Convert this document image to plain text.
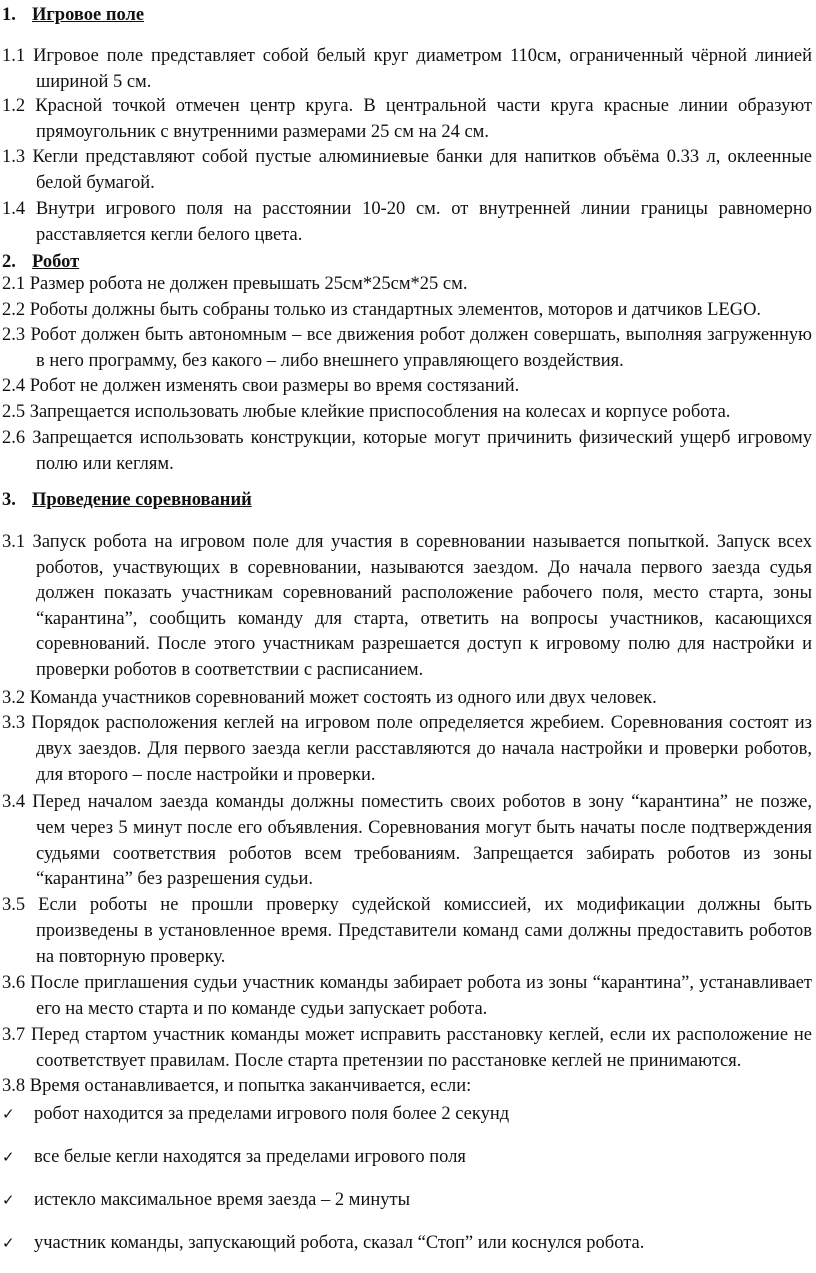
1. Игровое поле
1.1 Игровое поле представляет собой белый круг диаметром 110см, ограниченный чёрной линией шириной 5 см.
1.2 Красной точкой отмечен центр круга. В центральной части круга красные линии образуют прямоугольник с внутренними размерами 25 см на 24 см.
1.3 Кегли представляют собой пустые алюминиевые банки для напитков объёма 0.33 л, оклеенные белой бумагой.
1.4 Внутри игрового поля на расстоянии 10-20 см. от внутренней линии границы равномерно расставляется кегли белого цвета.
2. Робот
2.1 Размер робота не должен превышать 25см*25см*25 см.
2.2 Роботы должны быть собраны только из стандартных элементов, моторов и датчиков LEGO.
2.3 Робот должен быть автономным – все движения робот должен совершать, выполняя загруженную в него программу, без какого – либо внешнего управляющего воздействия.
2.4 Робот не должен изменять свои размеры во время состязаний.
2.5 Запрещается использовать любые клейкие приспособления на колесах и корпусе робота.
2.6 Запрещается использовать конструкции, которые могут причинить физический ущерб игровому полю или кеглям.
3. Проведение соревнований
3.1 Запуск робота на игровом поле для участия в соревновании называется попыткой. Запуск всех роботов, участвующих в соревновании, называются заездом. До начала первого заезда судья должен показать участникам соревнований расположение рабочего поля, место старта, зоны “карантина”, сообщить команду для старта, ответить на вопросы участников, касающихся соревнований. После этого участникам разрешается доступ к игровому полю для настройки и проверки роботов в соответствии с расписанием.
3.2 Команда участников соревнований может состоять из одного или двух человек.
3.3 Порядок расположения кеглей на игровом поле определяется жребием. Соревнования состоят из двух заездов. Для первого заезда кегли расставляются до начала настройки и проверки роботов, для второго – после настройки и проверки.
3.4 Перед началом заезда команды должны поместить своих роботов в зону “карантина” не позже, чем через 5 минут после его объявления. Соревнования могут быть начаты после подтверждения судьями соответствия роботов всем требованиям. Запрещается забирать роботов из зоны “карантина” без разрешения судьи.
3.5 Если роботы не прошли проверку судейской комиссией, их модификации должны быть произведены в установленное время. Представители команд сами должны предоставить роботов на повторную проверку.
3.6 После приглашения судьи участник команды забирает робота из зоны “карантина”, устанавливает его на место старта и по команде судьи запускает робота.
3.7 Перед стартом участник команды может исправить расстановку кеглей, если их расположение не соответствует правилам. После старта претензии по расстановке кеглей не принимаются.
3.8 Время останавливается, и попытка заканчивается, если:
✓ робот находится за пределами игрового поля более 2 секунд
✓ все белые кегли находятся за пределами игрового поля
✓ истекло максимальное время заезда – 2 минуты
✓ участник команды, запускающий робота, сказал “Стоп” или коснулся робота.
